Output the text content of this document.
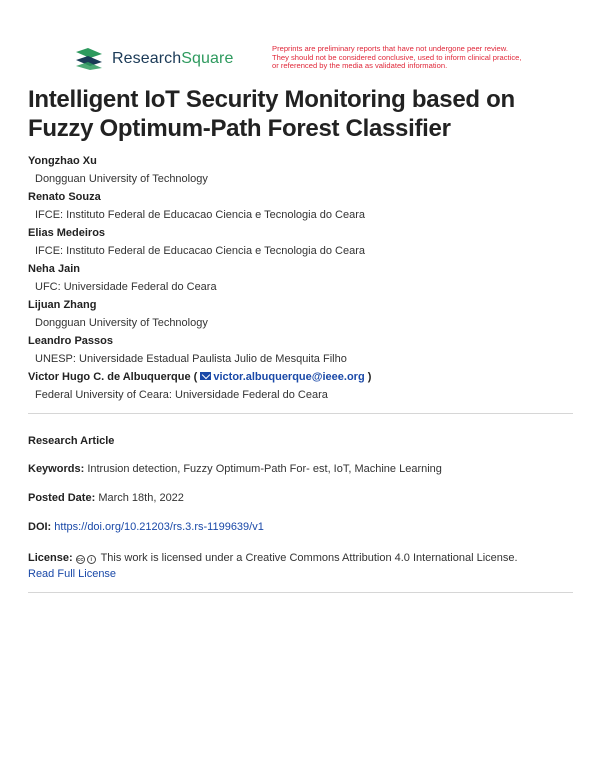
ResearchSquare
Preprints are preliminary reports that have not undergone peer review.
They should not be considered conclusive, used to inform clinical practice,
or referenced by the media as validated information.
Intelligent IoT Security Monitoring based on Fuzzy Optimum-Path Forest Classifier
Yongzhao Xu
Dongguan University of Technology
Renato Souza
IFCE: Instituto Federal de Educacao Ciencia e Tecnologia do Ceara
Elias Medeiros
IFCE: Instituto Federal de Educacao Ciencia e Tecnologia do Ceara
Neha Jain
UFC: Universidade Federal do Ceara
Lijuan Zhang
Dongguan University of Technology
Leandro Passos
UNESP: Universidade Estadual Paulista Julio de Mesquita Filho
Victor Hugo C. de Albuquerque ( victor.albuquerque@ieee.org )
Federal University of Ceara: Universidade Federal do Ceara
Research Article
Keywords: Intrusion detection, Fuzzy Optimum-Path For- est, IoT, Machine Learning
Posted Date: March 18th, 2022
DOI: https://doi.org/10.21203/rs.3.rs-1199639/v1
License: cc i This work is licensed under a Creative Commons Attribution 4.0 International License.
Read Full License
